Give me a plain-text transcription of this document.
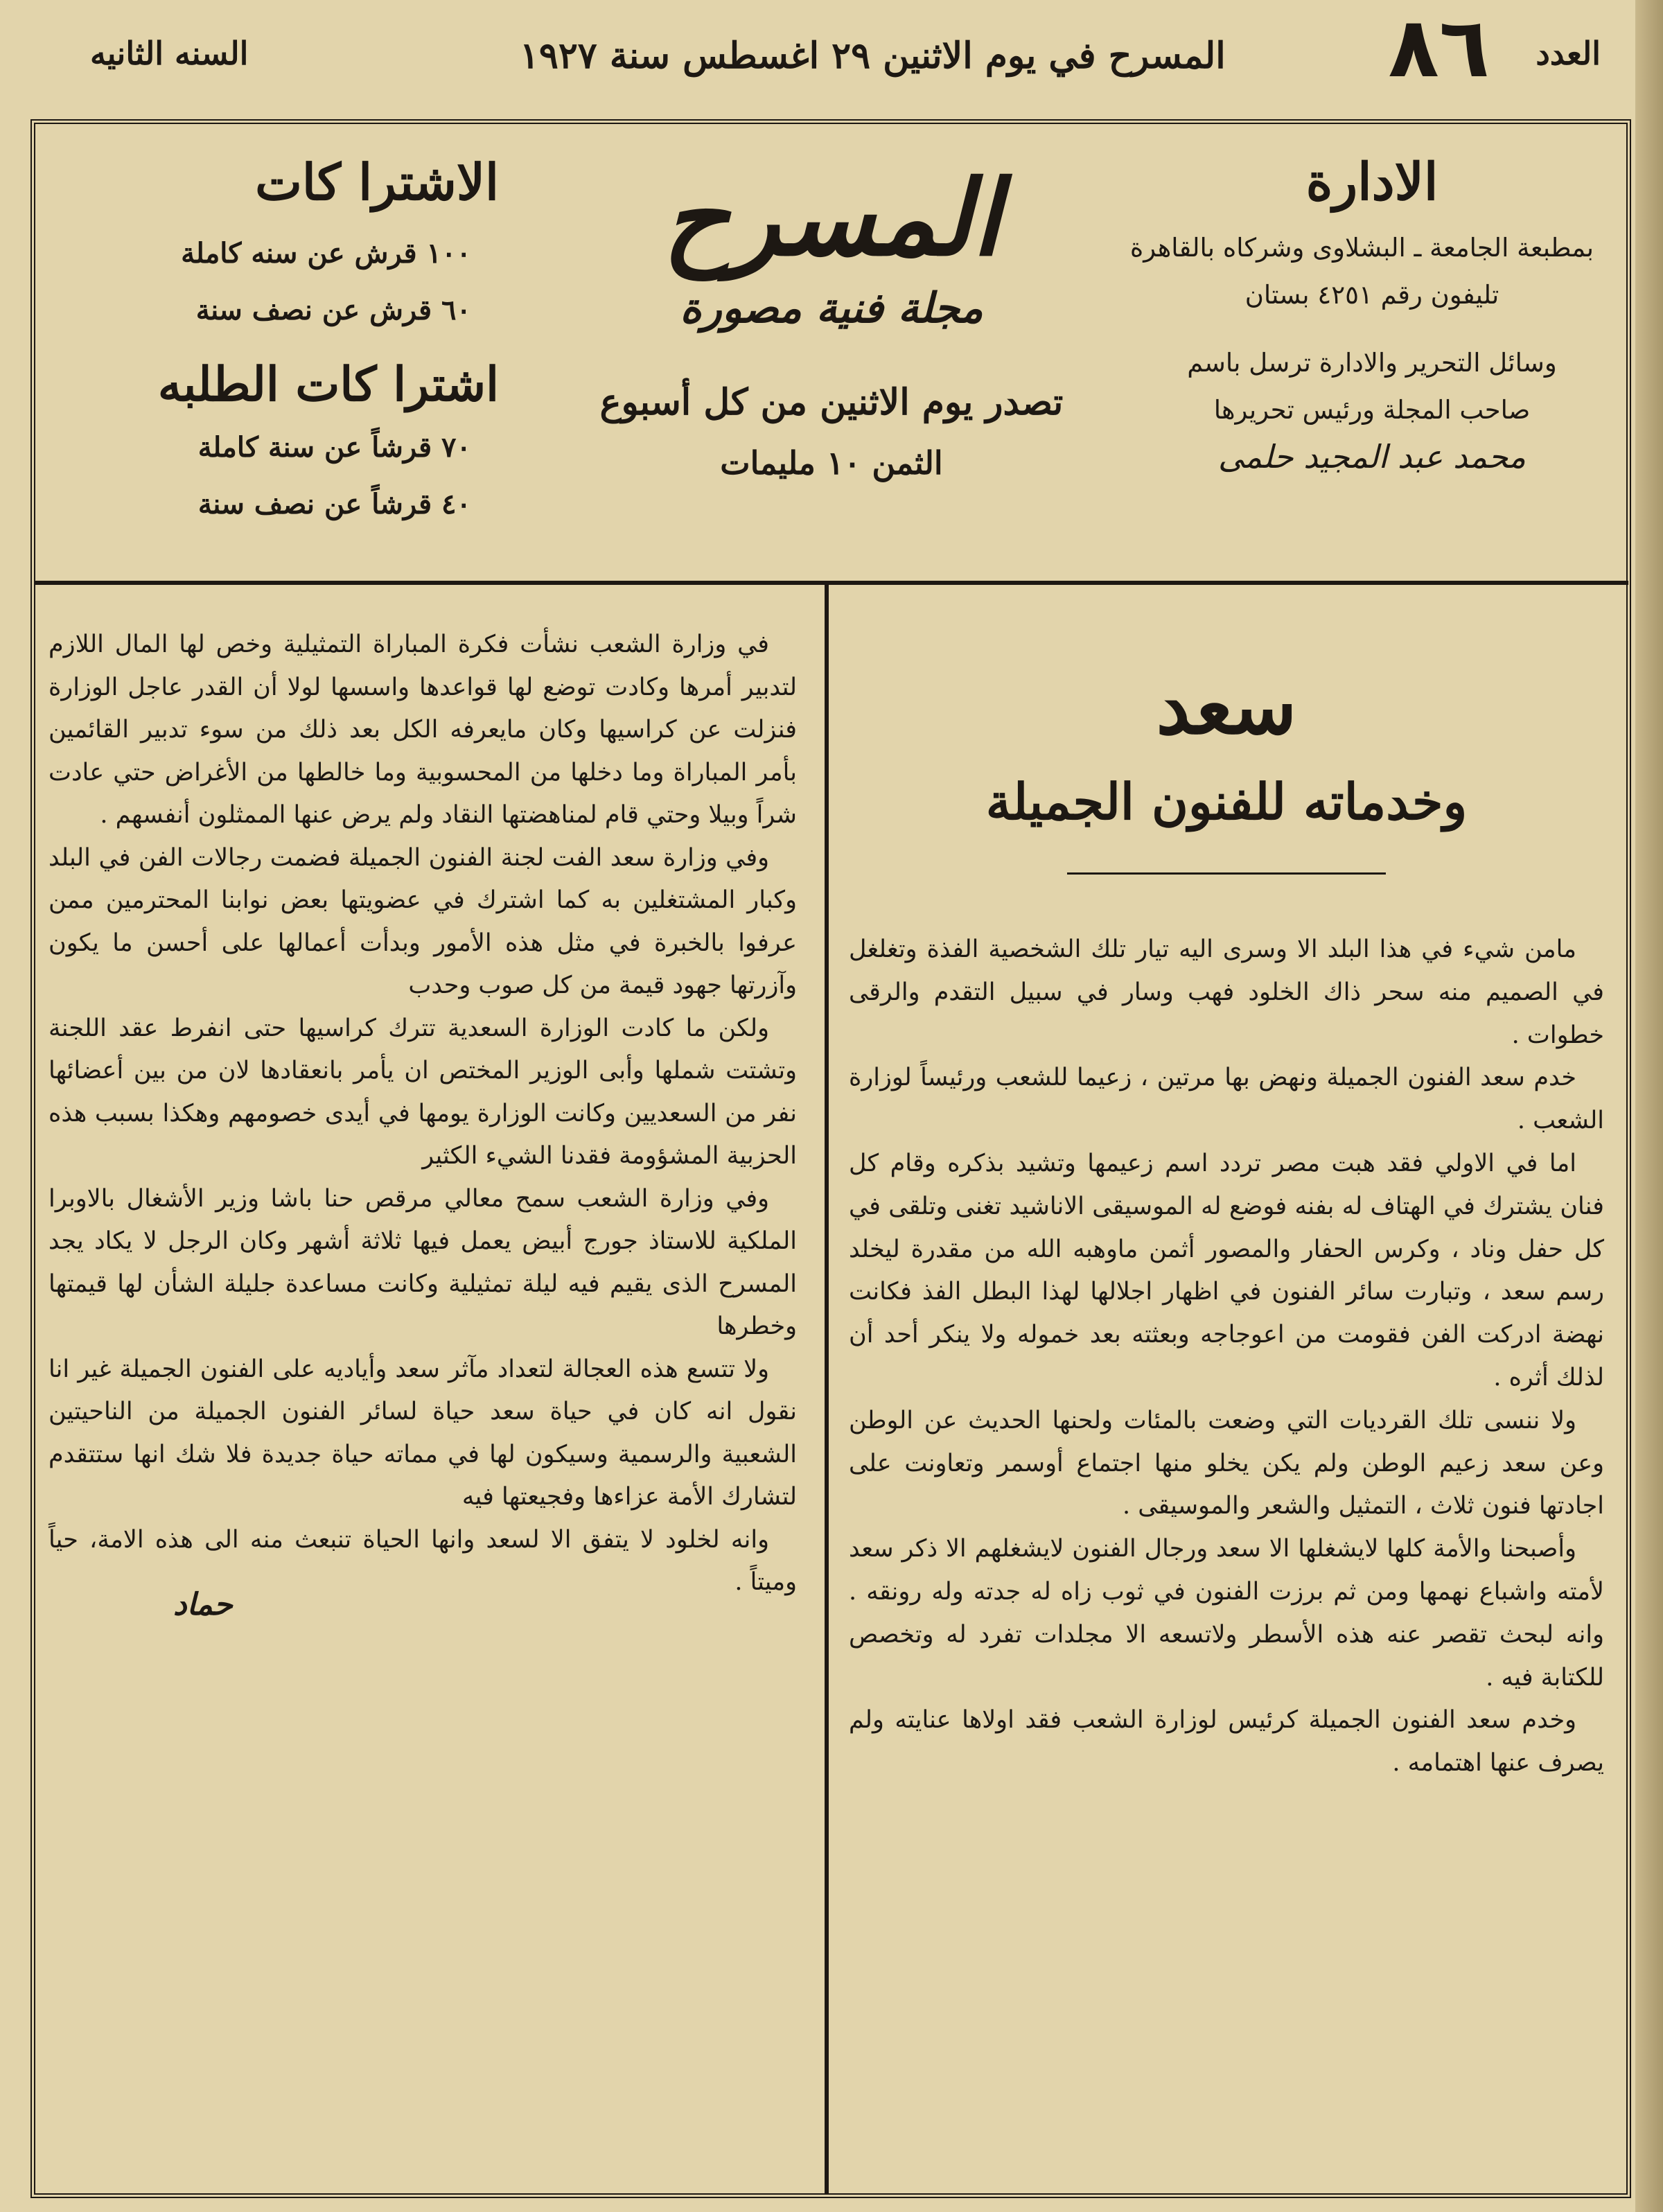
العدد
٨٦
المسرح في يوم الاثنين ٢٩ اغسطس سنة ١٩٢٧
السنه الثانيه
الادارة
بمطبعة الجامعة ـ البشلاوى وشركاه بالقاهرة
تليفون رقم ٤٢٥١ بستان
وسائل التحرير والادارة ترسل باسم
صاحب المجلة ورئيس تحريرها
محمد عبد المجيد حلمى
المسرح
مجلة فنية مصورة
تصدر يوم الاثنين من كل أسبوع
الثمن ١٠ مليمات
الاشترا كات
١٠٠ قرش عن سنه كاملة
٦٠ قرش عن نصف سنة
اشترا كات الطلبه
٧٠ قرشاً عن سنة كاملة
٤٠ قرشاً عن نصف سنة
سعد
وخدماته للفنون الجميلة

مامن شيء في هذا البلد الا وسرى اليه تيار تلك الشخصية الفذة وتغلغل في الصميم منه سحر ذاك الخلود فهب وسار في سبيل التقدم والرقى خطوات .

خدم سعد الفنون الجميلة ونهض بها مرتين ، زعيما للشعب ورئيساً لوزارة الشعب .

اما في الاولي فقد هبت مصر تردد اسم زعيمها وتشيد بذكره وقام كل فنان يشترك في الهتاف له بفنه فوضع له الموسيقى الاناشيد تغنى وتلقى في كل حفل وناد ، وكرس الحفار والمصور أثمن ماوهبه الله من مقدرة ليخلد رسم سعد ، وتبارت سائر الفنون في اظهار اجلالها لهذا البطل الفذ فكانت نهضة ادركت الفن فقومت من اعوجاجه وبعثته بعد خموله ولا ينكر أحد أن لذلك أثره .

ولا ننسى تلك القرديات التي وضعت بالمئات ولحنها الحديث عن الوطن وعن سعد زعيم الوطن ولم يكن يخلو منها اجتماع أوسمر وتعاونت على اجادتها فنون ثلاث ، التمثيل والشعر والموسيقى .

وأصبحنا والأمة كلها لايشغلها الا سعد ورجال الفنون لايشغلهم الا ذكر سعد لأمته واشباع نهمها ومن ثم برزت الفنون في ثوب زاه له جدته وله رونقه . وانه لبحث تقصر عنه هذه الأسطر ولاتسعه الا مجلدات تفرد له وتخصص للكتابة فيه .

وخدم سعد الفنون الجميلة كرئيس لوزارة الشعب فقد اولاها عنايته ولم يصرف عنها اهتمامه .

في وزارة الشعب نشأت فكرة المباراة التمثيلية وخص لها المال اللازم لتدبير أمرها وكادت توضع لها قواعدها واسسها لولا أن القدر عاجل الوزارة فنزلت عن كراسيها وكان مايعرفه الكل بعد ذلك من سوء تدبير القائمين بأمر المباراة وما دخلها من المحسوبية وما خالطها من الأغراض حتي عادت شراً وبيلا وحتي قام لمناهضتها النقاد ولم يرض عنها الممثلون أنفسهم .

وفي وزارة سعد الفت لجنة الفنون الجميلة فضمت رجالات الفن في البلد وكبار المشتغلين به كما اشترك في عضويتها بعض نوابنا المحترمين ممن عرفوا بالخبرة في مثل هذه الأمور وبدأت أعمالها على أحسن ما يكون وآزرتها جهود قيمة من كل صوب وحدب

ولكن ما كادت الوزارة السعدية تترك كراسيها حتى انفرط عقد اللجنة وتشتت شملها وأبى الوزير المختص ان يأمر بانعقادها لان من بين أعضائها نفر من السعديين وكانت الوزارة يومها في أيدى خصومهم وهكذا بسبب هذه الحزبية المشؤومة فقدنا الشيء الكثير

وفي وزارة الشعب سمح معالي مرقص حنا باشا وزير الأشغال بالاوبرا الملكية للاستاذ جورج أبيض يعمل فيها ثلاثة أشهر وكان الرجل لا يكاد يجد المسرح الذى يقيم فيه ليلة تمثيلية وكانت مساعدة جليلة الشأن لها قيمتها وخطرها

ولا تتسع هذه العجالة لتعداد مآثر سعد وأياديه على الفنون الجميلة غير انا نقول انه كان في حياة سعد حياة لسائر الفنون الجميلة من الناحيتين الشعبية والرسمية وسيكون لها في مماته حياة جديدة فلا شك انها ستتقدم لتشارك الأمة عزاءها وفجيعتها فيه

وانه لخلود لا يتفق الا لسعد وانها الحياة تنبعث منه الى هذه الامة، حياً وميتاً .

حماد
